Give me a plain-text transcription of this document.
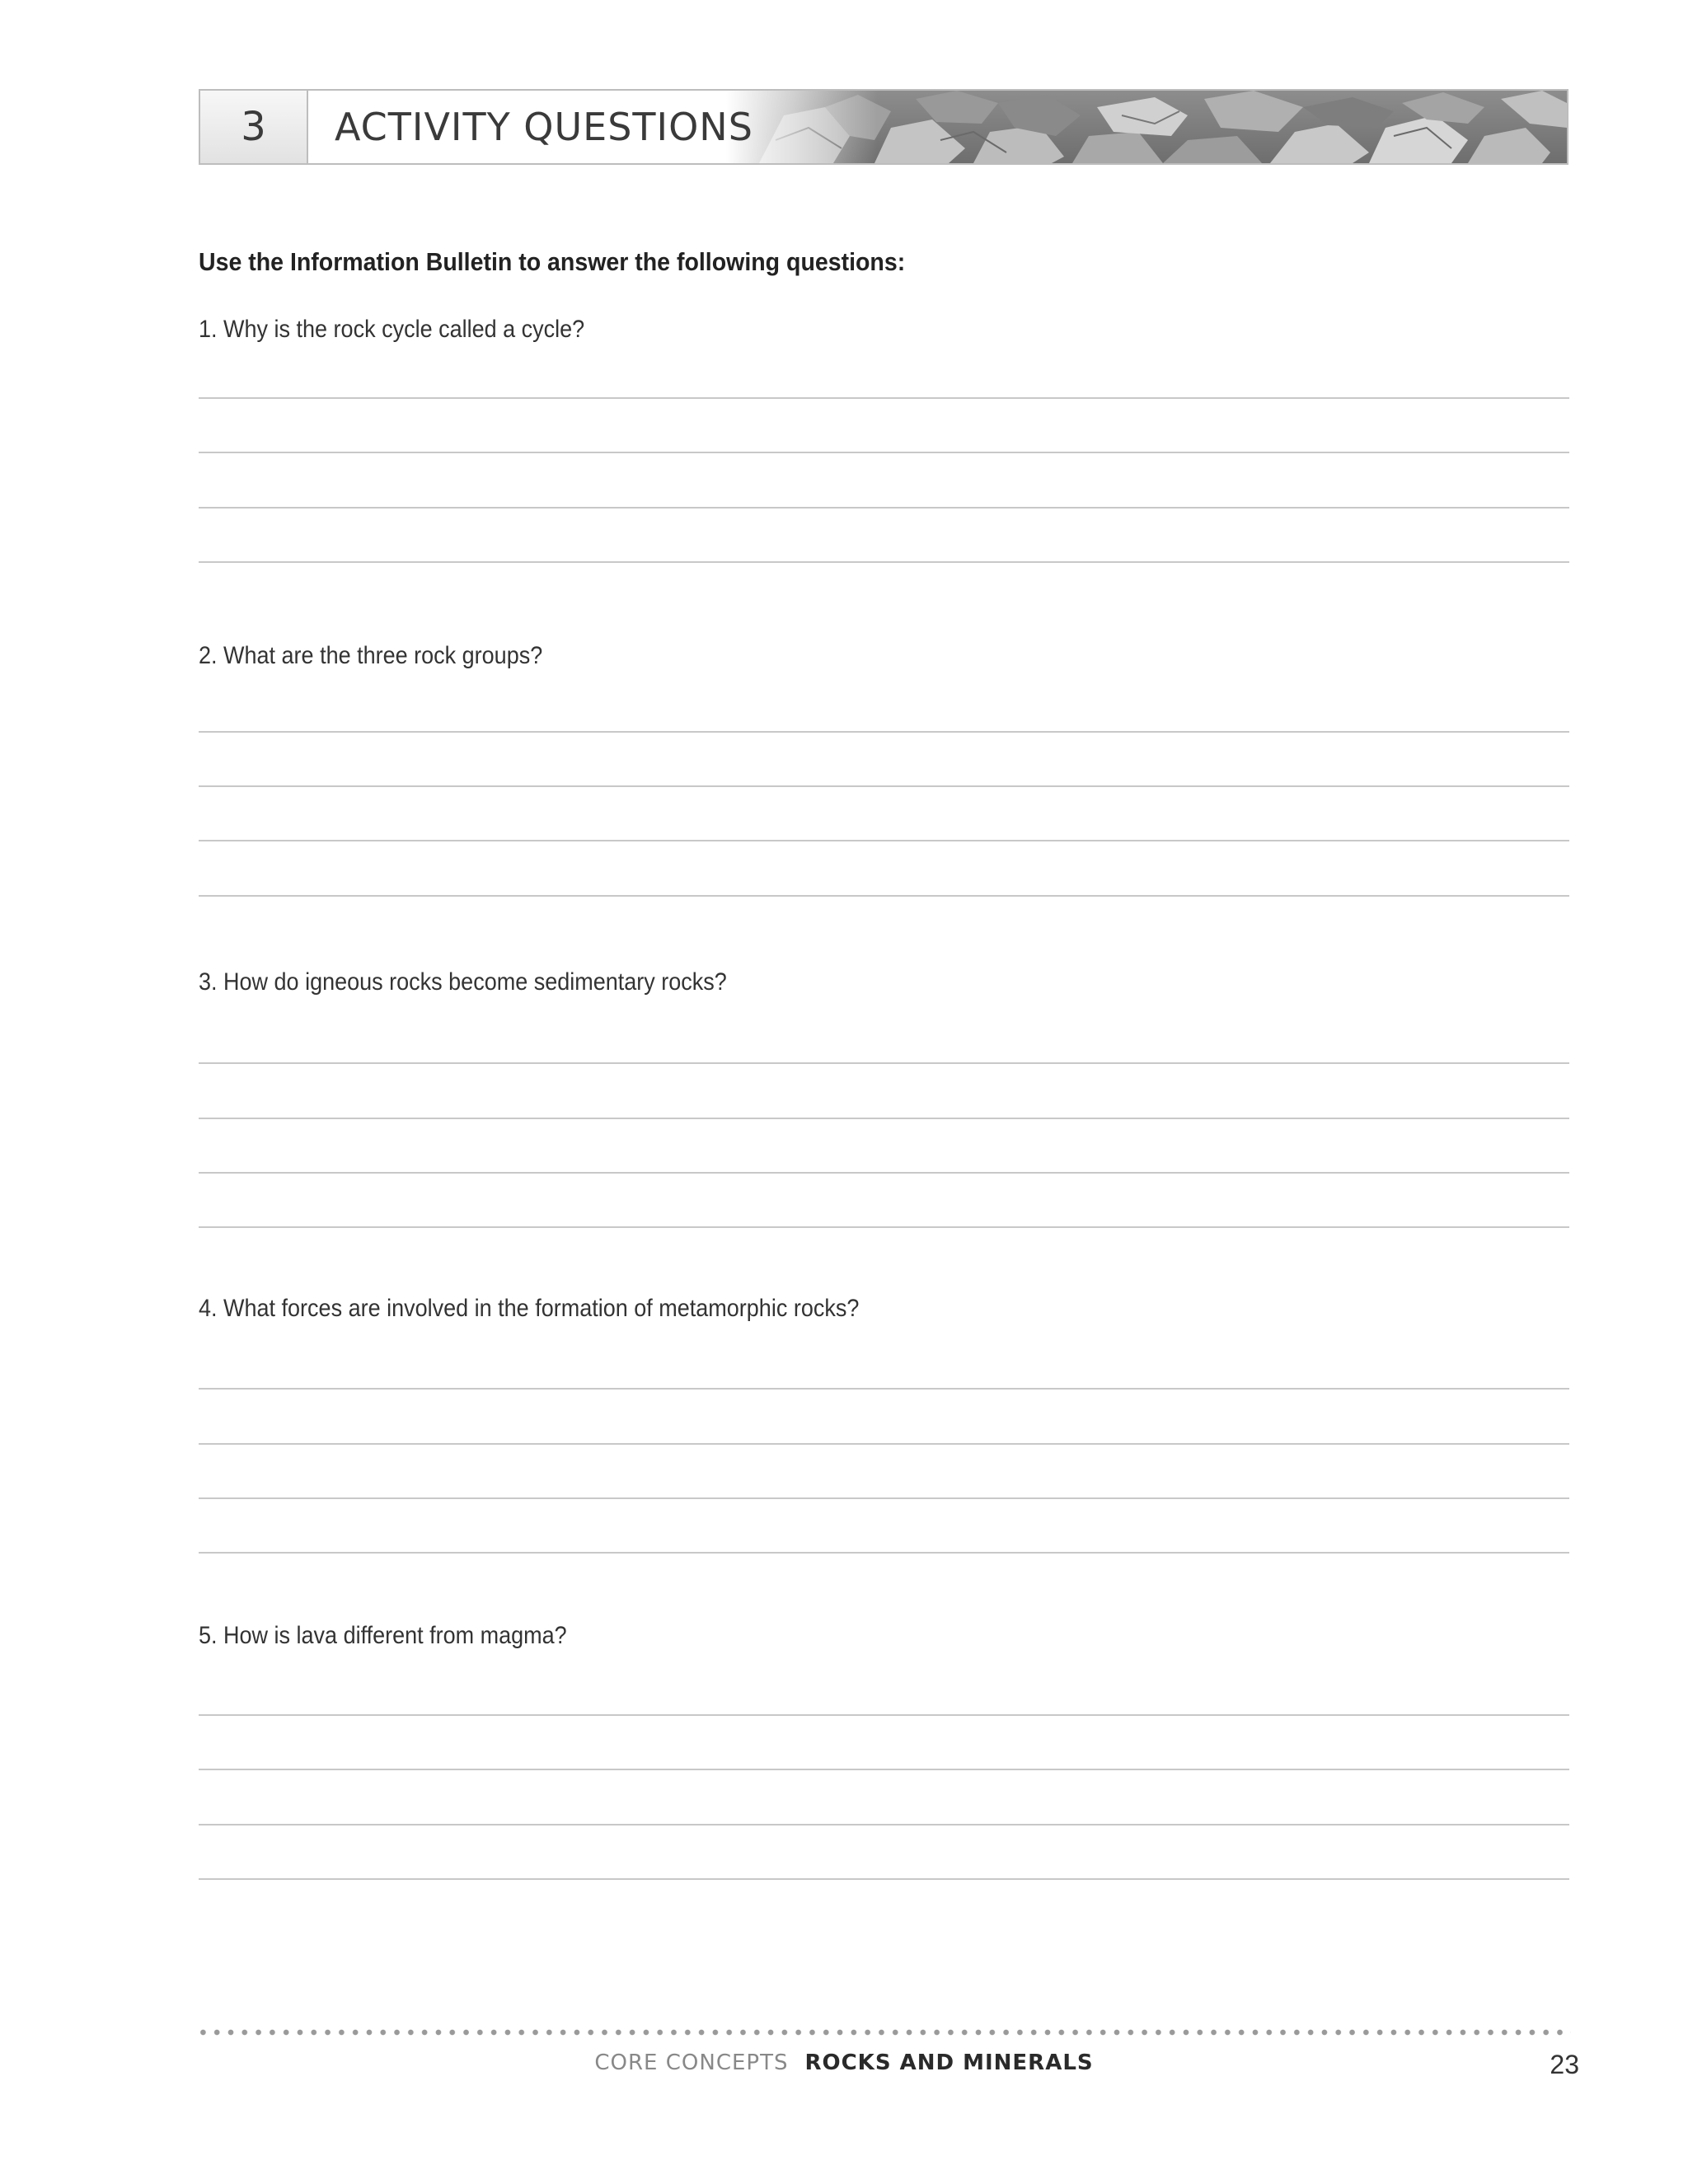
3	ACTIVITY QUESTIONS
Use the Information Bulletin to answer the following questions:
1. Why is the rock cycle called a cycle?
2. What are the three rock groups?
3. How do igneous rocks become sedimentary rocks?
4. What forces are involved in the formation of metamorphic rocks?
5. How is lava different from magma?
CORE CONCEPTS ROCKS AND MINERALS	23
